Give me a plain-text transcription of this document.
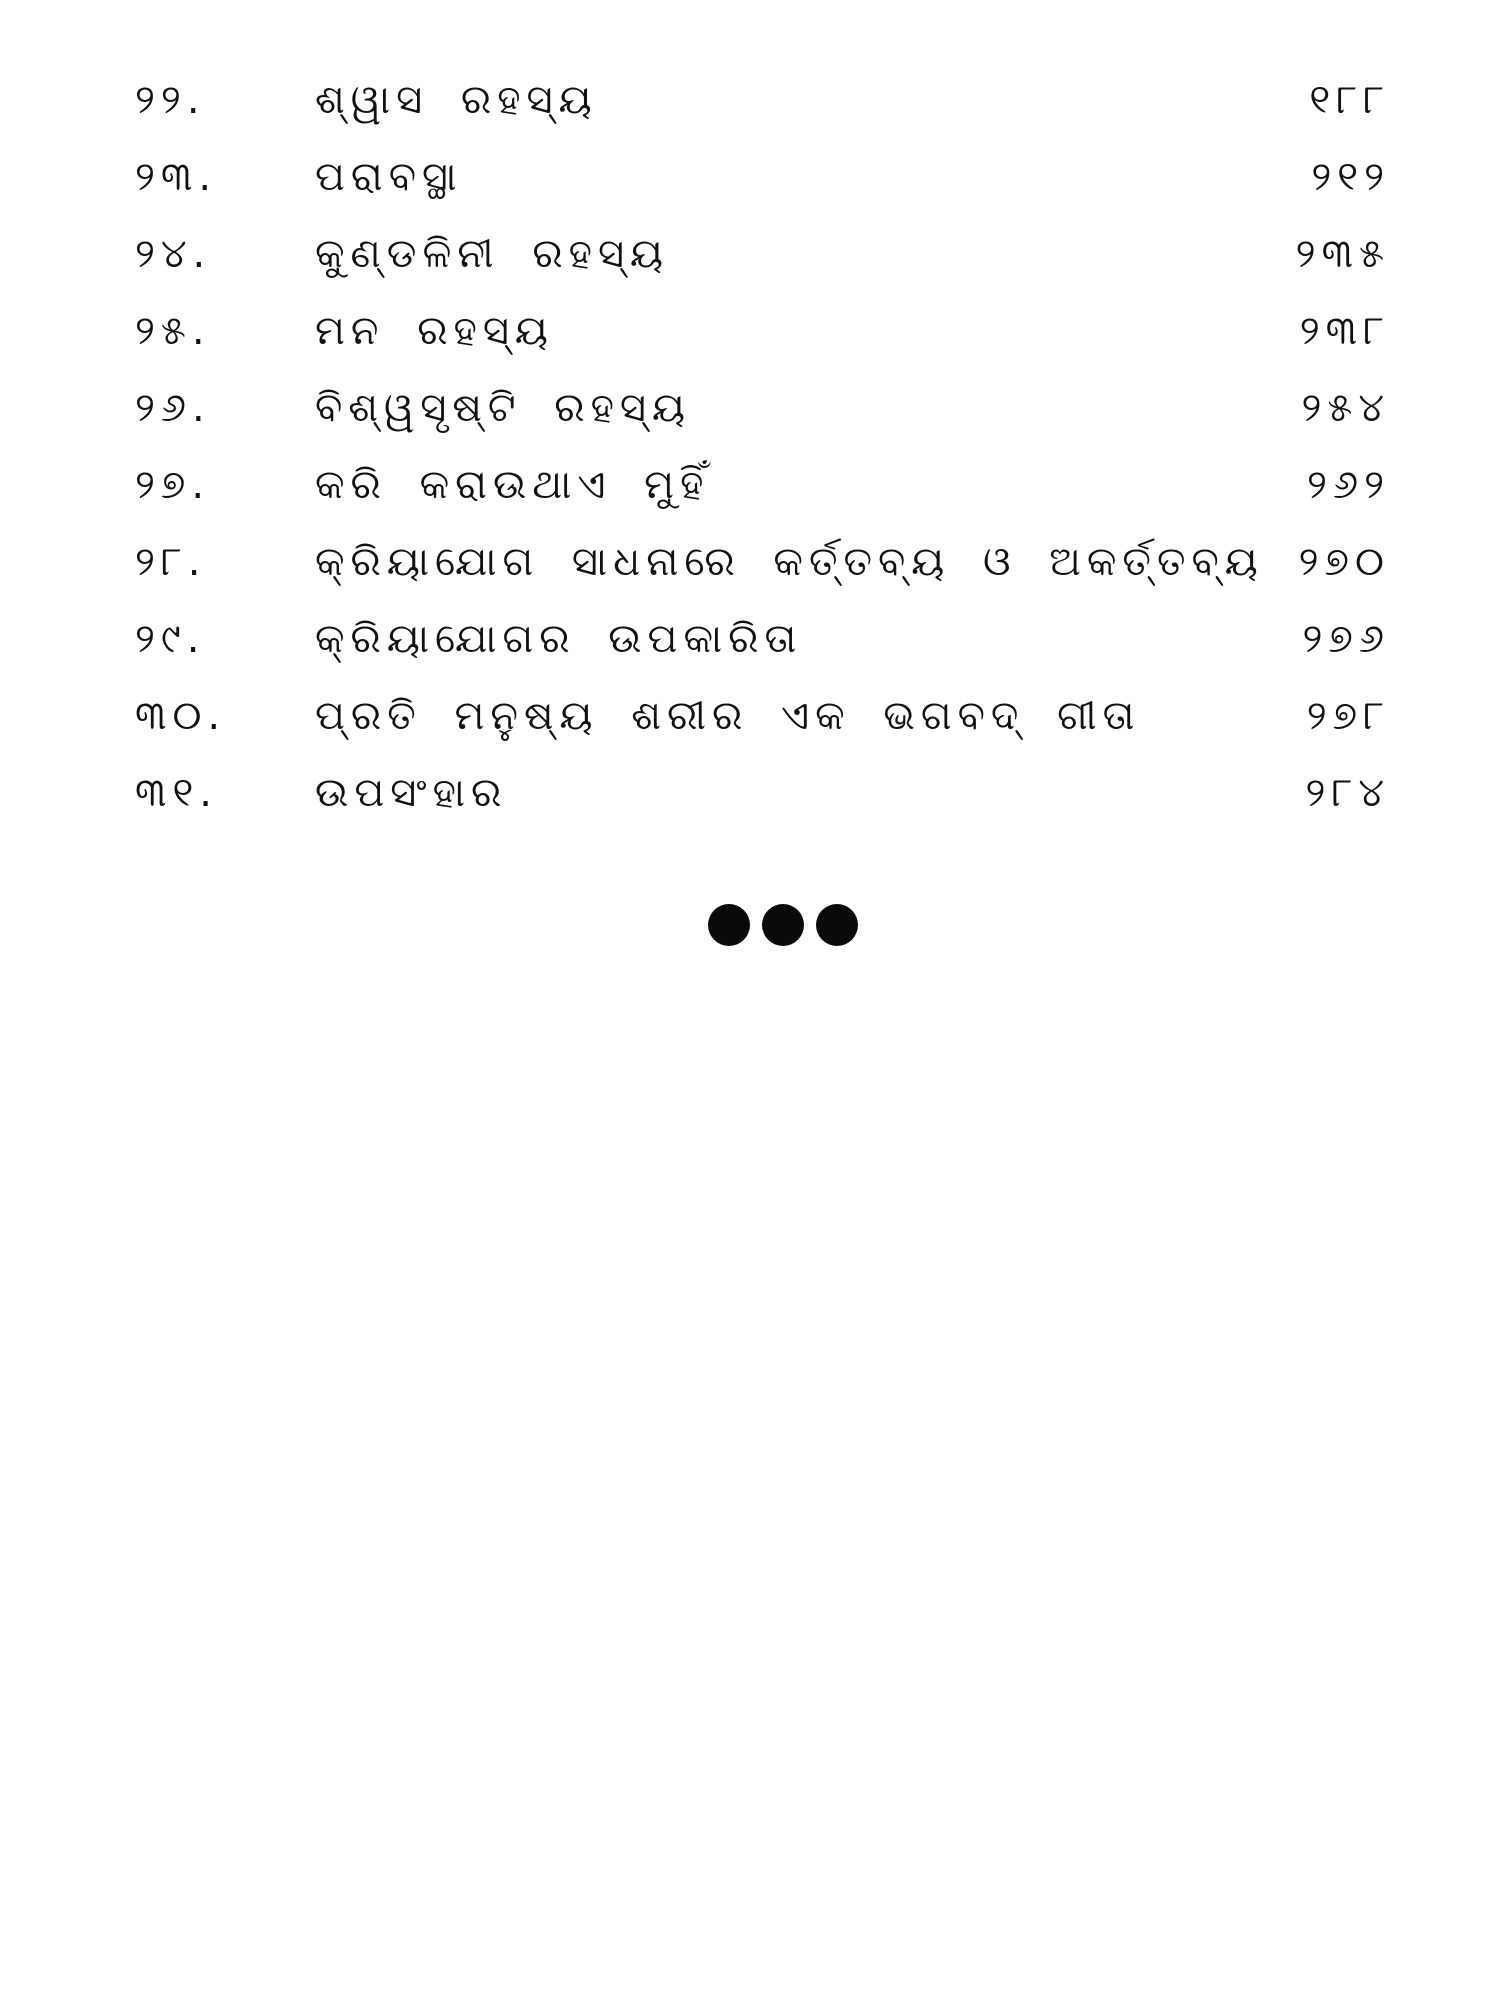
୨୨.	ଶ୍ୱାସ ରହସ୍ୟ	୧୮୮
୨୩. ପରାବସ୍ଥା	୨୧୨
୨୪.	କୁଣ୍ଡଳିନୀ ରହସ୍ୟ	୨୩୫
୨୫.	ମନ ରହସ୍ୟ	୨୩୮
୨୬.	ବିଶ୍ୱସୃଷ୍ଟି ରହସ୍ୟ	୨୫୪
୨୭.	କରି କରାଉଥାଏ ମୁହିଁ	୨୬୨
୨୮.	କ୍ରିୟାଯୋଗ ସାଧନାରେ କର୍ତ୍ତବ୍ୟ ଓ ଅକର୍ତ୍ତବ୍ୟ ୨୭୦
୨୯.	କ୍ରିୟାଯୋଗର ଉପକାରିତା	୨୭୬
୩୦. ପ୍ରତି ମନୁଷ୍ୟ ଶରୀର ଏକ ଭଗବଦ୍ ଗୀତା	୨୭୮
୩୧. ଉପସଂହାର	୨୮୪
